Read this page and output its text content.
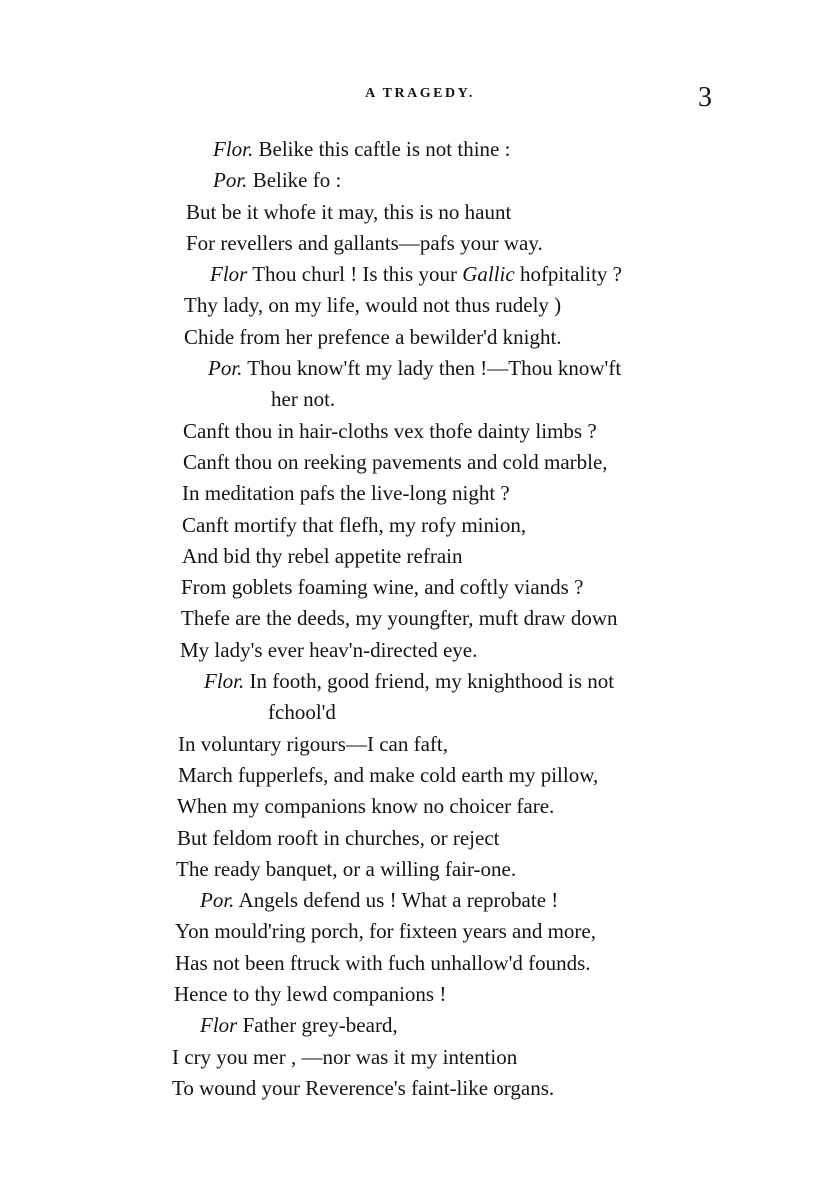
A TRAGEDY.	3
Flor. Belike this caftle is not thine :
Por. Belike fo :
But be it whofe it may, this is no haunt
For revellers and gallants—pafs your way.
Flor Thou churl ! Is this your Gallic hofpitality ?
Thy lady, on my life, would not thus rudely )
Chide from her prefence a bewilder'd knight.
Por. Thou know'ft my lady then !—Thou know'ft
her not.
Canft thou in hair-cloths vex thofe dainty limbs ?
Canft thou on reeking pavements and cold marble,
In meditation pafs the live-long night ?
Canft mortify that flefh, my rofy minion,
And bid thy rebel appetite refrain
From goblets foaming wine, and coftly viands ?
Thefe are the deeds, my youngfter, muft draw down
My lady's ever heav'n-directed eye.
Flor. In footh, good friend, my knighthood is not
fchool'd
In voluntary rigours—I can faft,
March fupperlefs, and make cold earth my pillow,
When my companions know no choicer fare.
But feldom rooft in churches, or reject
The ready banquet, or a willing fair-one.
Por. Angels defend us ! What a reprobate !
Yon mould'ring porch, for fixteen years and more,
Has not been ftruck with fuch unhallow'd founds.
Hence to thy lewd companions !
Flor Father grey-beard,
I cry you mer , —nor was it my intention
To wound your Reverence's faint-like organs.
